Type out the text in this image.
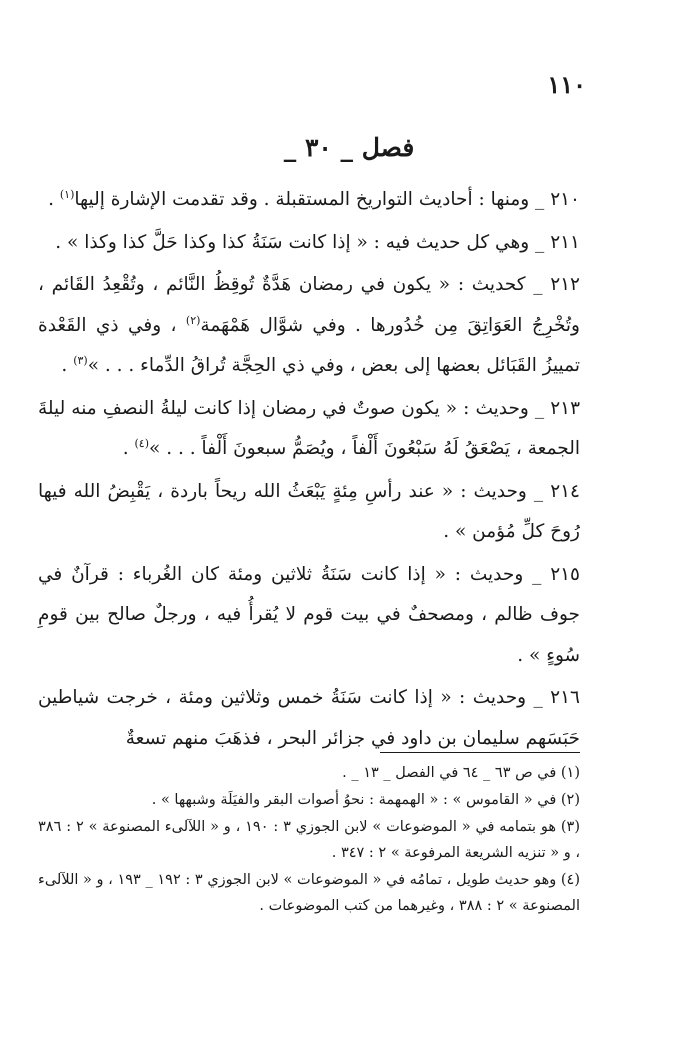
١١٠
فصل _ ٣٠ _

٢١٠ _ ومنها : أحاديث التواريخ المستقبلة . وقد تقدمت الإشارة إليها$^{(١)}$ .

٢١١ _ وهي كل حديث فيه : « إذا كانت سَنَةُ كذا وكذا حَلَّ كذا وكذا » .

٢١٢ _ كحديث : « يكون في رمضان هَدَّةٌ تُوقِظُ النَّائم ، وتُقْعِدُ القَائم ، وتُخْرِجُ العَوَاتِقَ مِن خُدُورها . وفي شوَّال هَمْهَمة$^{(٢)}$ ، وفي ذي القَعْدة تمييزُ القَبَائل بعضها إلى بعض ، وفي ذي الحِجَّة تُراقُ الدِّماء . . . »$^{(٣)}$ .

٢١٣ _ وحديث : « يكون صوتٌ في رمضان إذا كانت ليلةُ النصفِ منه ليلةَ الجمعة ، يَصْعَقُ لَهُ سَبْعُونَ أَلْفاً ، ويُصَمُّ سبعونَ أَلْفاً . . . »$^{(٤)}$ .

٢١٤ _ وحديث : « عند رأسِ مِئةٍ يَبْعَثُ الله ريحاً باردة ، يَقْبِضُ الله فيها رُوحَ كلِّ مُؤمن » .

٢١٥ _ وحديث : « إذا كانت سَنَةُ ثلاثين ومئة كان الغُرباء : قرآنٌ في جوف ظالم ، ومصحفٌ في بيت قوم لا يُقرأُ فيه ، ورجلٌ صالح بين قومِ سُوءٍ » .

٢١٦ _ وحديث : « إذا كانت سَنَةُ خمس وثلاثين ومئة ، خرجت شياطين حَبَسَهم سليمان بن داود في جزائر البحر ، فذهَبَ منهم تسعةٌ

(١) في ص ٦٣ _ ٦٤ في الفصل _ ١٣ _ .

(٢) في « القاموس » : « الهمهمة : نحوُ أصوات البقر والفيَلَة وشبهها » .

(٣) هو بتمامه في « الموضوعات » لابن الجوزي ٣ : ١٩٠ ، و « اللآلىء المصنوعة » ٢ : ٣٨٦ ، و « تنزيه الشريعة المرفوعة » ٢ : ٣٤٧ .

(٤) وهو حديث طويل ، تمامُه في « الموضوعات » لابن الجوزي ٣ : ١٩٢ _ ١٩٣ ، و « اللآلىء المصنوعة » ٢ : ٣٨٨ ، وغيرهما من كتب الموضوعات .
